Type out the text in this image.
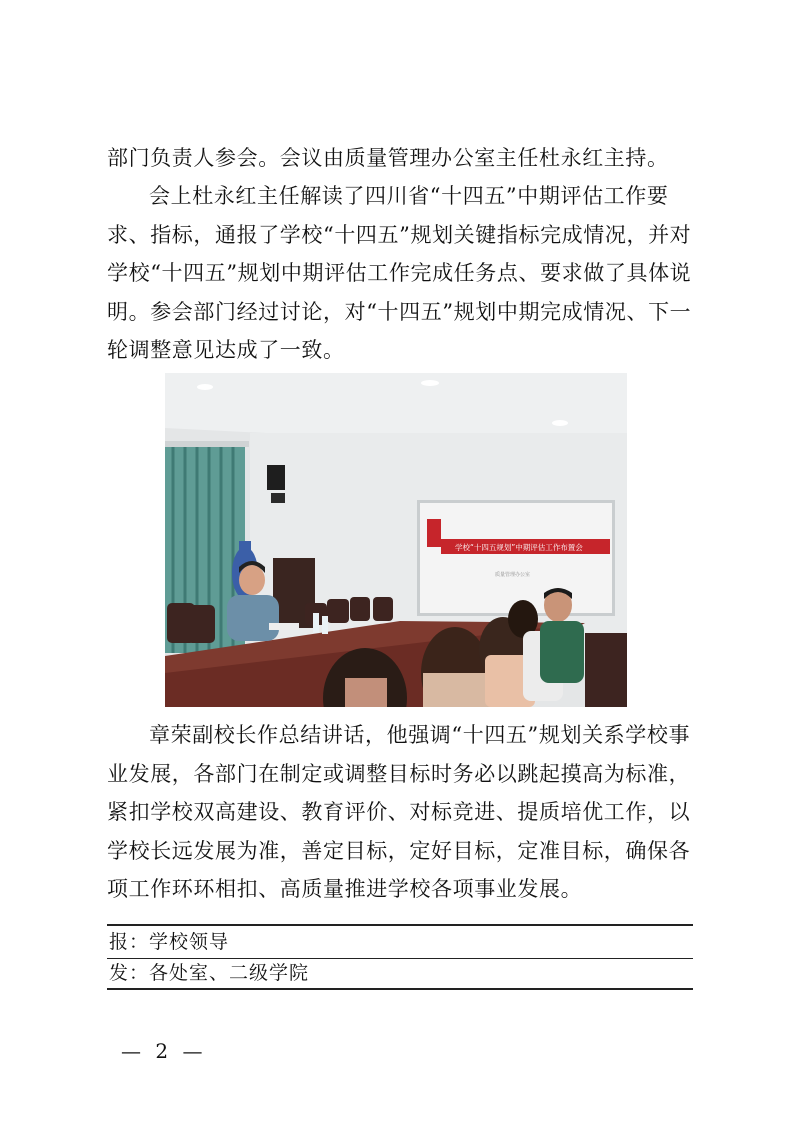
部门负责人参会。会议由质量管理办公室主任杜永红主持。

会上杜永红主任解读了四川省“十四五”中期评估工作要求、指标，通报了学校“十四五”规划关键指标完成情况，并对学校“十四五”规划中期评估工作完成任务点、要求做了具体说明。参会部门经过讨论，对“十四五”规划中期完成情况、下一轮调整意见达成了一致。

学校“十四五规划”中期评估工作布置会
质量管理办公室

章荣副校长作总结讲话，他强调“十四五”规划关系学校事业发展，各部门在制定或调整目标时务必以跳起摸高为标准，紧扣学校双高建设、教育评价、对标竞进、提质培优工作，以学校长远发展为准，善定目标，定好目标，定准目标，确保各项工作环环相扣、高质量推进学校各项事业发展。

报：学校领导
发：各处室、二级学院
— 2 —
